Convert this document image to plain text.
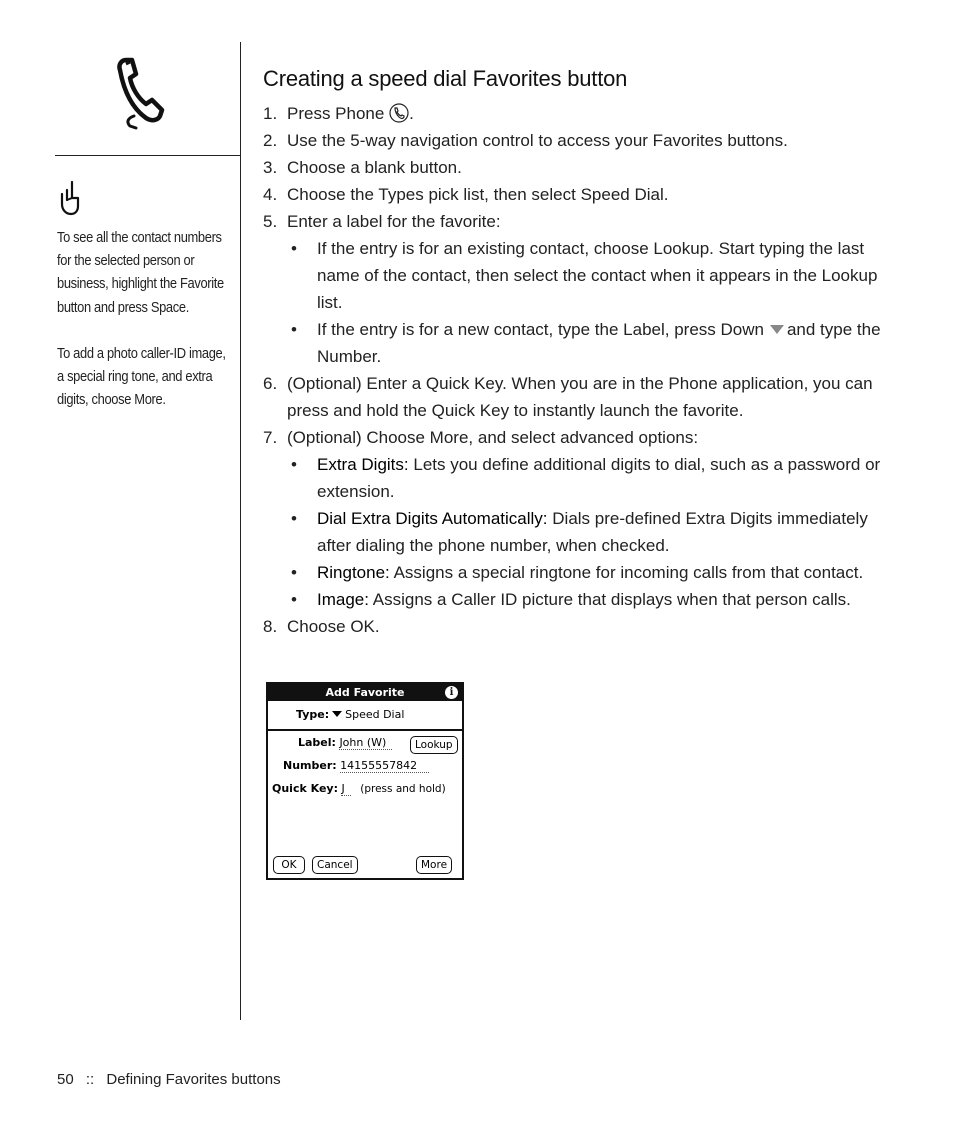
To see all the contact numbers for the selected person or business, highlight the Favorite button and press Space.

To add a photo caller-ID image, a special ring tone, and extra digits, choose More.

Creating a speed dial Favorites button
1. Press Phone .
2. Use the 5-way navigation control to access your Favorites buttons.
3. Choose a blank button.
4. Choose the Types pick list, then select Speed Dial.
5. Enter a label for the favorite:
•	If the entry is for an existing contact, choose Lookup. Start typing the last name of the contact, then select the contact when it appears in the Lookup list.
•	If the entry is for a new contact, type the Label, press Down and type the Number.
6. (Optional) Enter a Quick Key. When you are in the Phone application, you can press and hold the Quick Key to instantly launch the favorite.
7. (Optional) Choose More, and select advanced options:
•	Extra Digits: Lets you define additional digits to dial, such as a password or extension.
•	Dial Extra Digits Automatically: Dials pre-defined Extra Digits immediately after dialing the phone number, when checked.
•	Ringtone: Assigns a special ringtone for incoming calls from that contact.
•	Image: Assigns a Caller ID picture that displays when that person calls.
8. Choose OK.
Add Favorite	i
Type: Speed Dial
Label: John (W)	Lookup
Number: 14155557842
Quick Key: J (press and hold)
OK	Cancel	More
50 :: Defining Favorites buttons
